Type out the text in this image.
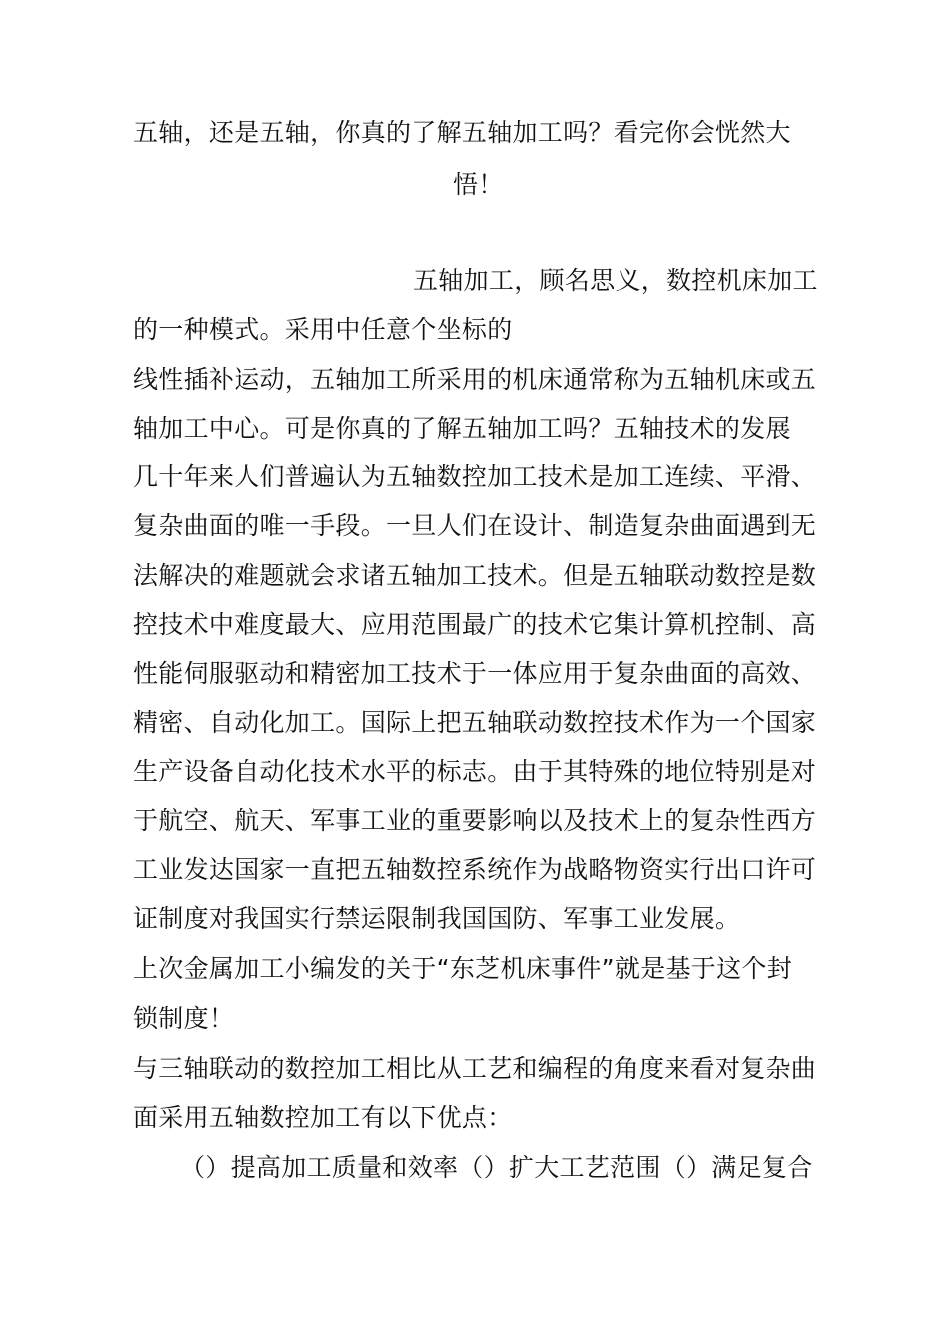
五轴，还是五轴，你真的了解五轴加工吗？看完你会恍然大
悟！
五轴加工，顾名思义，数控机床加工
的一种模式。采用中任意个坐标的
线性插补运动，五轴加工所采用的机床通常称为五轴机床或五
轴加工中心。可是你真的了解五轴加工吗？五轴技术的发展
几十年来人们普遍认为五轴数控加工技术是加工连续、平滑、
复杂曲面的唯一手段。一旦人们在设计、制造复杂曲面遇到无
法解决的难题就会求诸五轴加工技术。但是五轴联动数控是数
控技术中难度最大、应用范围最广的技术它集计算机控制、高
性能伺服驱动和精密加工技术于一体应用于复杂曲面的高效、
精密、自动化加工。国际上把五轴联动数控技术作为一个国家
生产设备自动化技术水平的标志。由于其特殊的地位特别是对
于航空、航天、军事工业的重要影响以及技术上的复杂性西方
工业发达国家一直把五轴数控系统作为战略物资实行出口许可
证制度对我国实行禁运限制我国国防、军事工业发展。
上次金属加工小编发的关于“东芝机床事件”就是基于这个封
锁制度！
与三轴联动的数控加工相比从工艺和编程的角度来看对复杂曲
面采用五轴数控加工有以下优点：
（）提高加工质量和效率（）扩大工艺范围（）满足复合
